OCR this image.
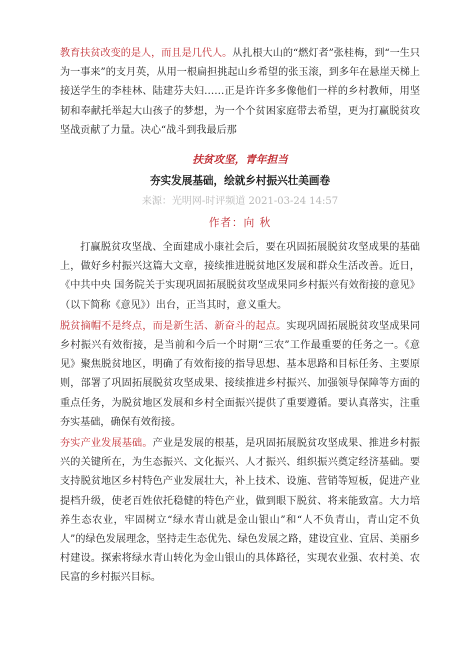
教育扶贫改变的是人，而且是几代人。从扎根大山的“燃灯者”张桂梅，到“一生只为一事来”的支月英，从用一根扁担挑起山乡希望的张玉滚，到多年在悬崖天梯上接送学生的李桂林、陆建芬夫妇……正是许许多多像他们一样的乡村教师，用坚韧和奉献托举起大山孩子的梦想，为一个个贫困家庭带去希望，更为打赢脱贫攻坚战贡献了力量。决心“战斗到我最后那

扶贫攻坚，青年担当
夯实发展基础，绘就乡村振兴壮美画卷
来源：光明网-时评频道 2021-03-24 14:57
作者：向 秋

打赢脱贫攻坚战、全面建成小康社会后，要在巩固拓展脱贫攻坚成果的基础上，做好乡村振兴这篇大文章，接续推进脱贫地区发展和群众生活改善。近日，《中共中央 国务院关于实现巩固拓展脱贫攻坚成果同乡村振兴有效衔接的意见》（以下简称《意见》）出台，正当其时，意义重大。

脱贫摘帽不是终点，而是新生活、新奋斗的起点。实现巩固拓展脱贫攻坚成果同乡村振兴有效衔接，是当前和今后一个时期“三农”工作最重要的任务之一。《意见》聚焦脱贫地区，明确了有效衔接的指导思想、基本思路和目标任务、主要原则，部署了巩固拓展脱贫攻坚成果、接续推进乡村振兴、加强领导保障等方面的重点任务，为脱贫地区发展和乡村全面振兴提供了重要遵循。要认真落实，注重夯实基础，确保有效衔接。

夯实产业发展基础。产业是发展的根基，是巩固拓展脱贫攻坚成果、推进乡村振兴的关键所在，为生态振兴、文化振兴、人才振兴、组织振兴奠定经济基础。要支持脱贫地区乡村特色产业发展壮大，补上技术、设施、营销等短板，促进产业提档升级，使老百姓依托稳健的特色产业，做到眼下脱贫、将来能致富。大力培养生态农业，牢固树立“绿水青山就是金山银山”和“人不负青山，青山定不负人”的绿色发展理念，坚持走生态优先、绿色发展之路，建设宜业、宜居、美丽乡村建设。探索将绿水青山转化为金山银山的具体路径，实现农业强、农村美、农民富的乡村振兴目标。
